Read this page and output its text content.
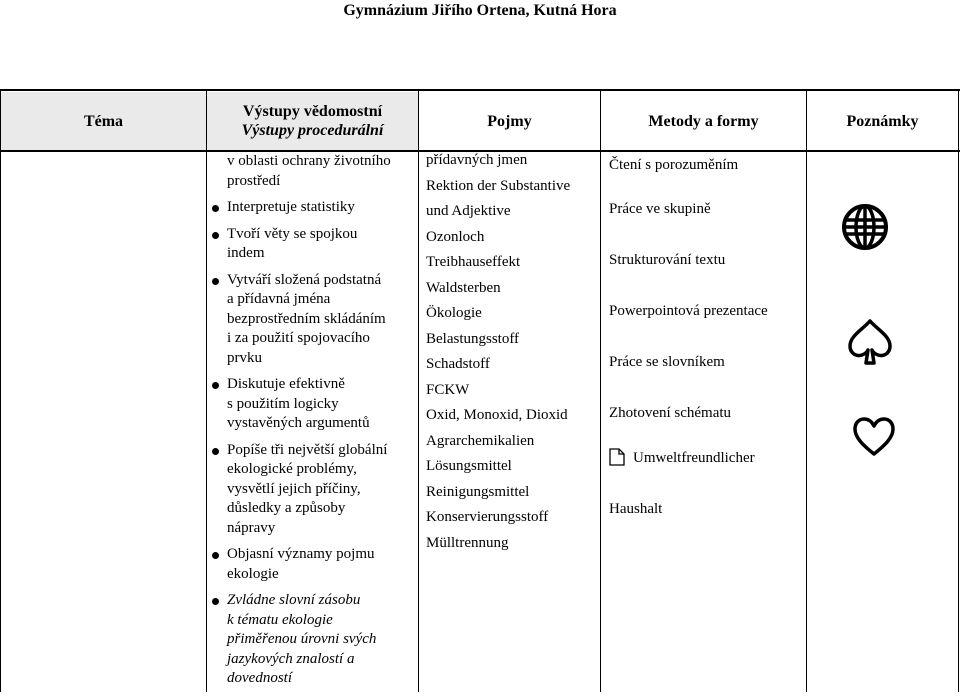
Gymnázium Jiřího Ortena, Kutná Hora
Téma
Výstupy vědomostní
Výstupy procedurální
Pojmy	Metody a formy	Poznámky
v oblasti ochrany životního
prostředí
Interpretuje statistiky
Tvoří věty se spojkou
indem
Vytváří složená podstatná
a přídavná jména
bezprostředním skládáním
i za použití spojovacího
prvku
Diskutuje efektivně
s použitím logicky
vystavěných argumentů
Popíše tři největší globální
ekologické problémy,
vysvětlí jejich příčiny,
důsledky a způsoby
nápravy
Objasní významy pojmu
ekologie
Zvládne slovní zásobu
k tématu ekologie
přiměřenou úrovni svých
jazykových znalostí a
dovedností
přídavných jmen
Rektion der Substantive
und Adjektive
Ozonloch
Treibhauseffekt
Waldsterben
Ökologie
Belastungsstoff
Schadstoff
FCKW
Oxid, Monoxid, Dioxid
Agrarchemikalien
Lösungsmittel
Reinigungsmittel
Konservierungsstoff
Mülltrennung
Čtení s porozuměním
Práce ve skupině
Strukturování textu
Powerpointová prezentace
Práce se slovníkem
Zhotovení schématu
Umweltfreundlicher
Haushalt
